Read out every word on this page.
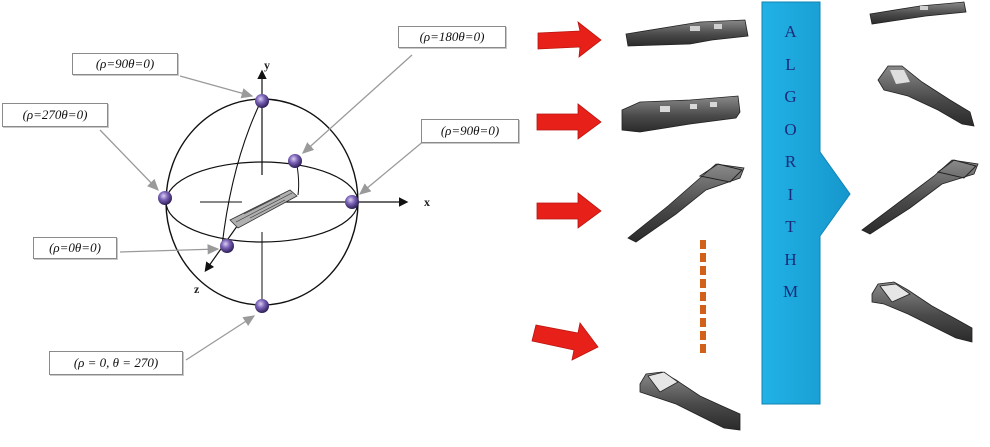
(ρ=90θ=0)
(ρ=180θ=0)
(ρ=270θ=0)
(ρ=90θ=0)
(ρ=0θ=0)
(ρ = 0, θ = 270)
y
x
z
A
L
G
O
R
I
T
H
M
